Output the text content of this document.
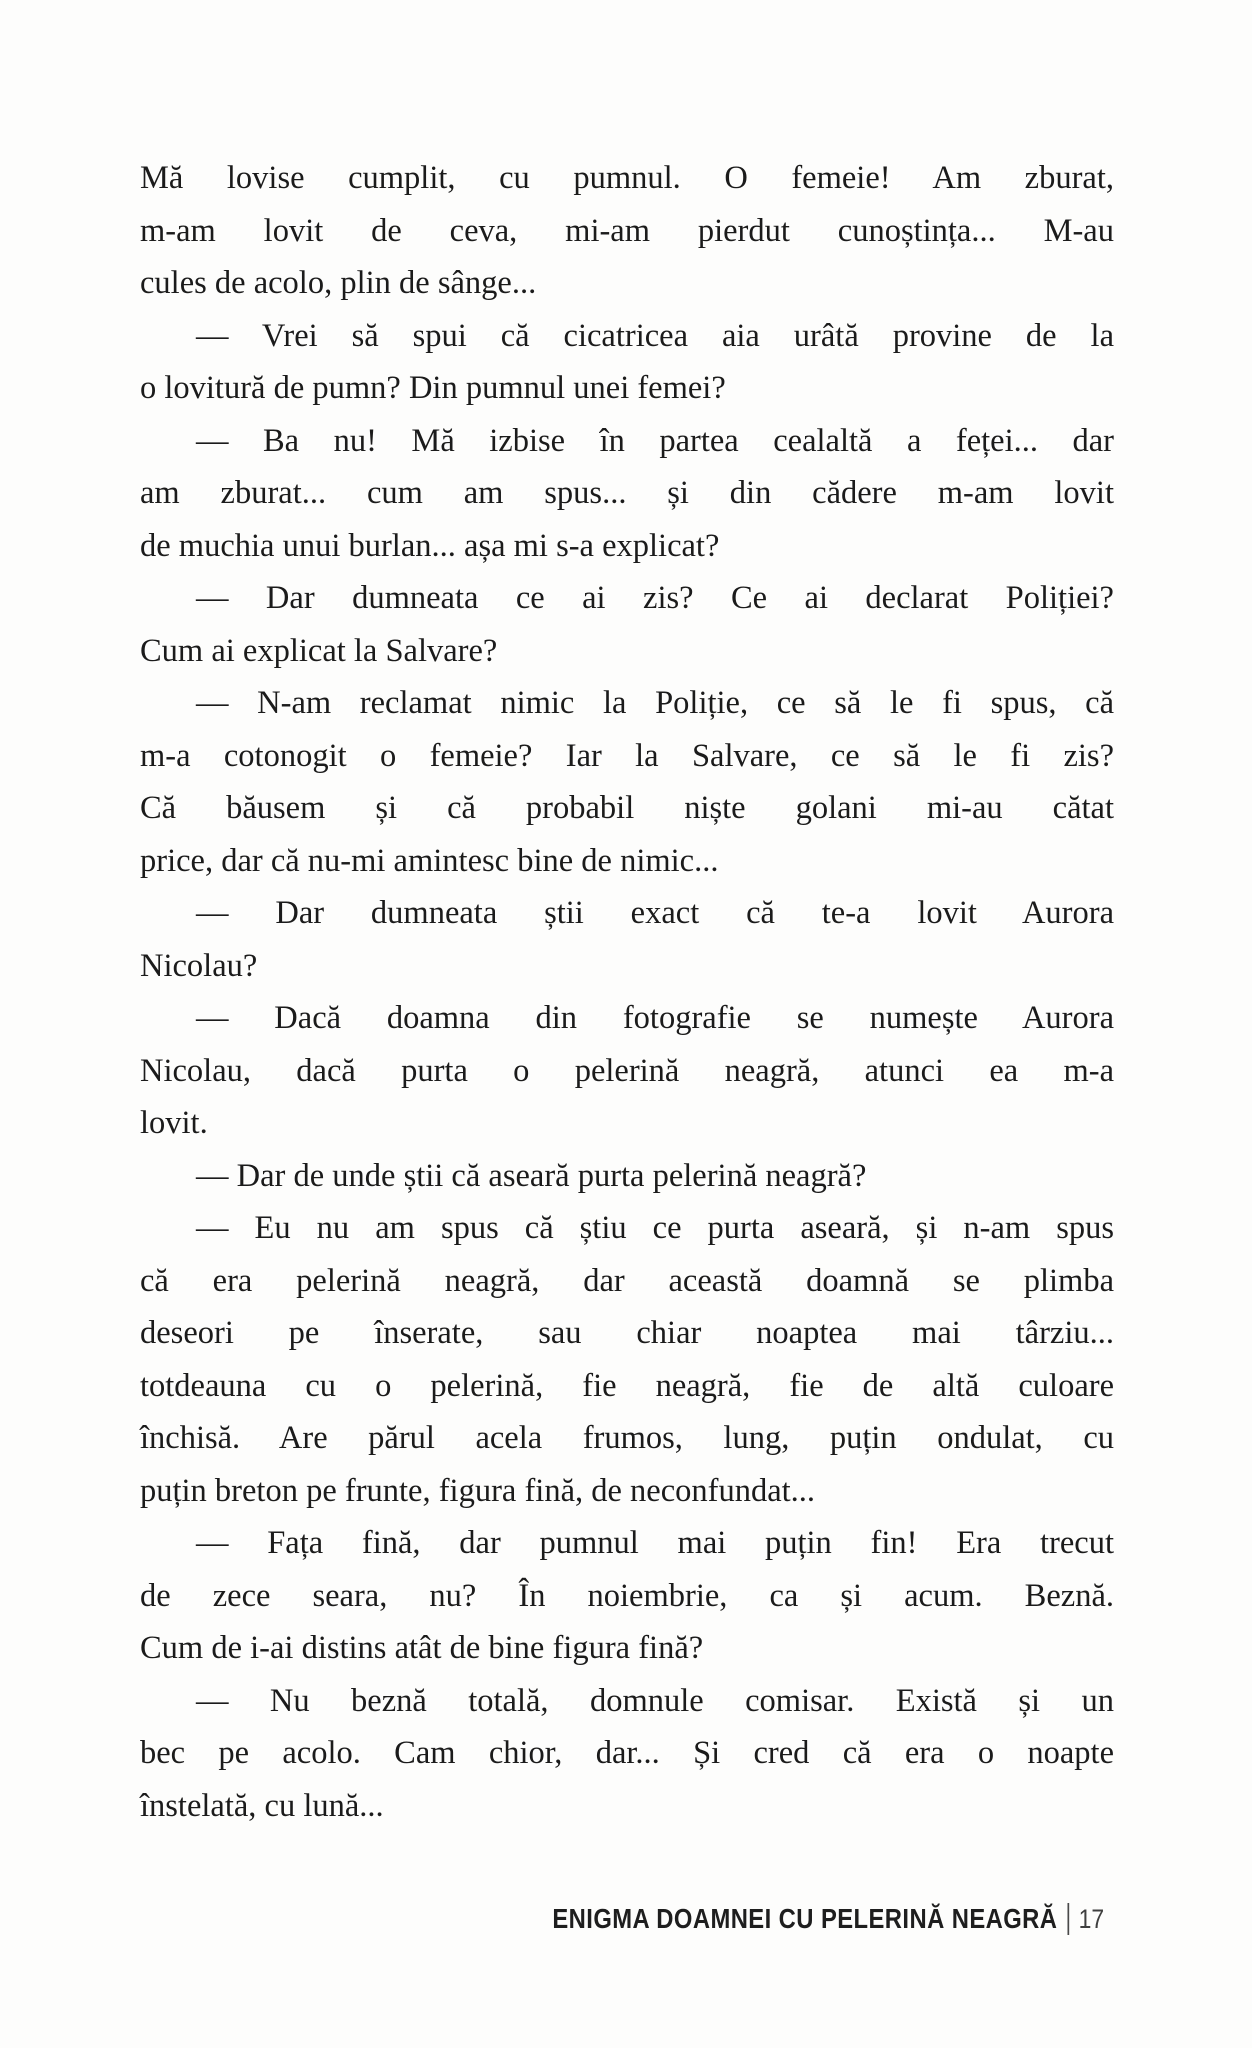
Mă lovise cumplit, cu pumnul. O femeie! Am zburat,
m-am lovit de ceva, mi-am pierdut cunoștința... M-au
cules de acolo, plin de sânge...
— Vrei să spui că cicatricea aia urâtă provine de la
o lovitură de pumn? Din pumnul unei femei?
— Ba nu! Mă izbise în partea cealaltă a feței... dar
am zburat... cum am spus... și din cădere m-am lovit
de muchia unui burlan... așa mi s-a explicat?
— Dar dumneata ce ai zis? Ce ai declarat Poliției?
Cum ai explicat la Salvare?
— N-am reclamat nimic la Poliție, ce să le fi spus, că
m-a cotonogit o femeie? Iar la Salvare, ce să le fi zis?
Că băusem și că probabil niște golani mi-au cătat
price, dar că nu-mi amintesc bine de nimic...
— Dar dumneata știi exact că te-a lovit Aurora
Nicolau?
— Dacă doamna din fotografie se numește Aurora
Nicolau, dacă purta o pelerină neagră, atunci ea m-a
lovit.
— Dar de unde știi că aseară purta pelerină neagră?
— Eu nu am spus că știu ce purta aseară, și n-am spus
că era pelerină neagră, dar această doamnă se plimba
deseori pe înserate, sau chiar noaptea mai târziu...
totdeauna cu o pelerină, fie neagră, fie de altă culoare
închisă. Are părul acela frumos, lung, puțin ondulat, cu
puțin breton pe frunte, figura fină, de neconfundat...
— Fața fină, dar pumnul mai puțin fin! Era trecut
de zece seara, nu? În noiembrie, ca și acum. Beznă.
Cum de i-ai distins atât de bine figura fină?
— Nu beznă totală, domnule comisar. Există și un
bec pe acolo. Cam chior, dar... Și cred că era o noapte
înstelată, cu lună...
ENIGMA DOAMNEI CU PELERINĂ NEAGRĂ 17
